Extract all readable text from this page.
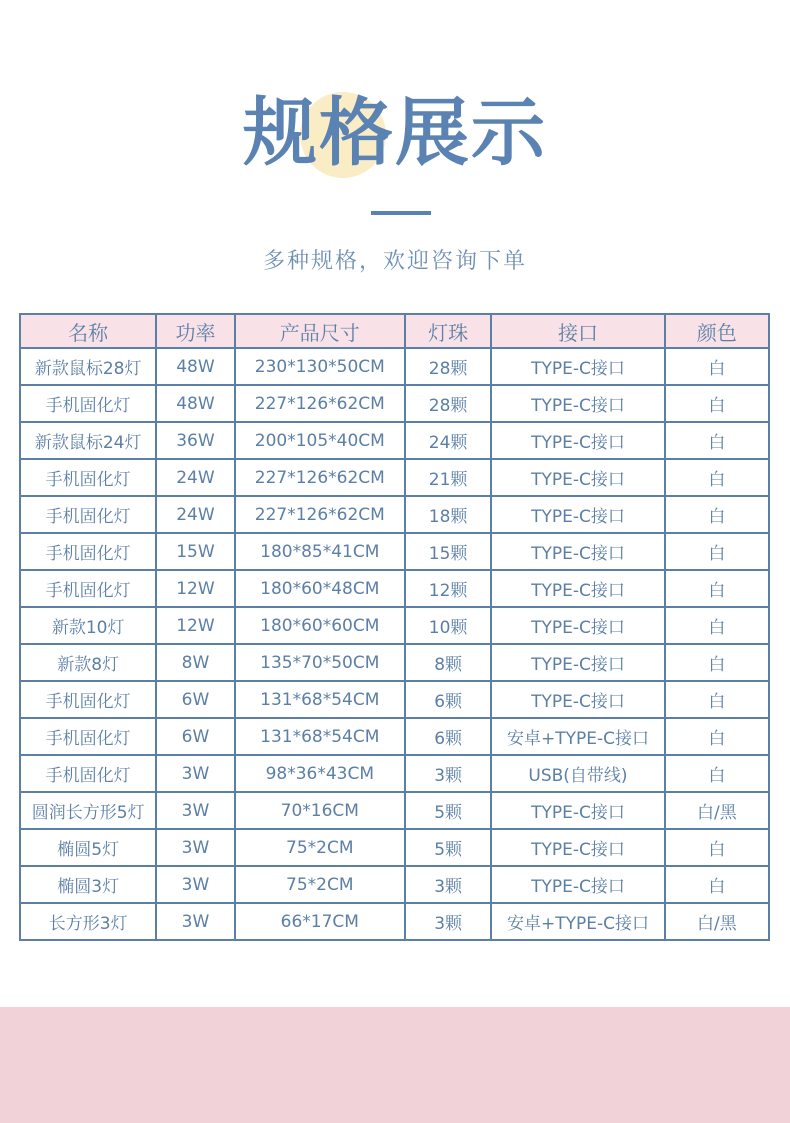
规格展示
多种规格，欢迎咨询下单
名称	功率	产品尺寸	灯珠	接口	颜色
新款鼠标28灯	48W	230*130*50CM	28颗	TYPE-C接口	白
手机固化灯	48W	227*126*62CM	28颗	TYPE-C接口	白
新款鼠标24灯	36W	200*105*40CM	24颗	TYPE-C接口	白
手机固化灯	24W	227*126*62CM	21颗	TYPE-C接口	白
手机固化灯	24W	227*126*62CM	18颗	TYPE-C接口	白
手机固化灯	15W	180*85*41CM	15颗	TYPE-C接口	白
手机固化灯	12W	180*60*48CM	12颗	TYPE-C接口	白
新款10灯	12W	180*60*60CM	10颗	TYPE-C接口	白
新款8灯	8W	135*70*50CM	8颗	TYPE-C接口	白
手机固化灯	6W	131*68*54CM	6颗	TYPE-C接口	白
手机固化灯	6W	131*68*54CM	6颗	安卓+TYPE-C接口	白
手机固化灯	3W	98*36*43CM	3颗	USB(自带线)	白
圆润长方形5灯	3W	70*16CM	5颗	TYPE-C接口	白/黑
椭圆5灯	3W	75*2CM	5颗	TYPE-C接口	白
椭圆3灯	3W	75*2CM	3颗	TYPE-C接口	白
长方形3灯	3W	66*17CM	3颗	安卓+TYPE-C接口	白/黑
